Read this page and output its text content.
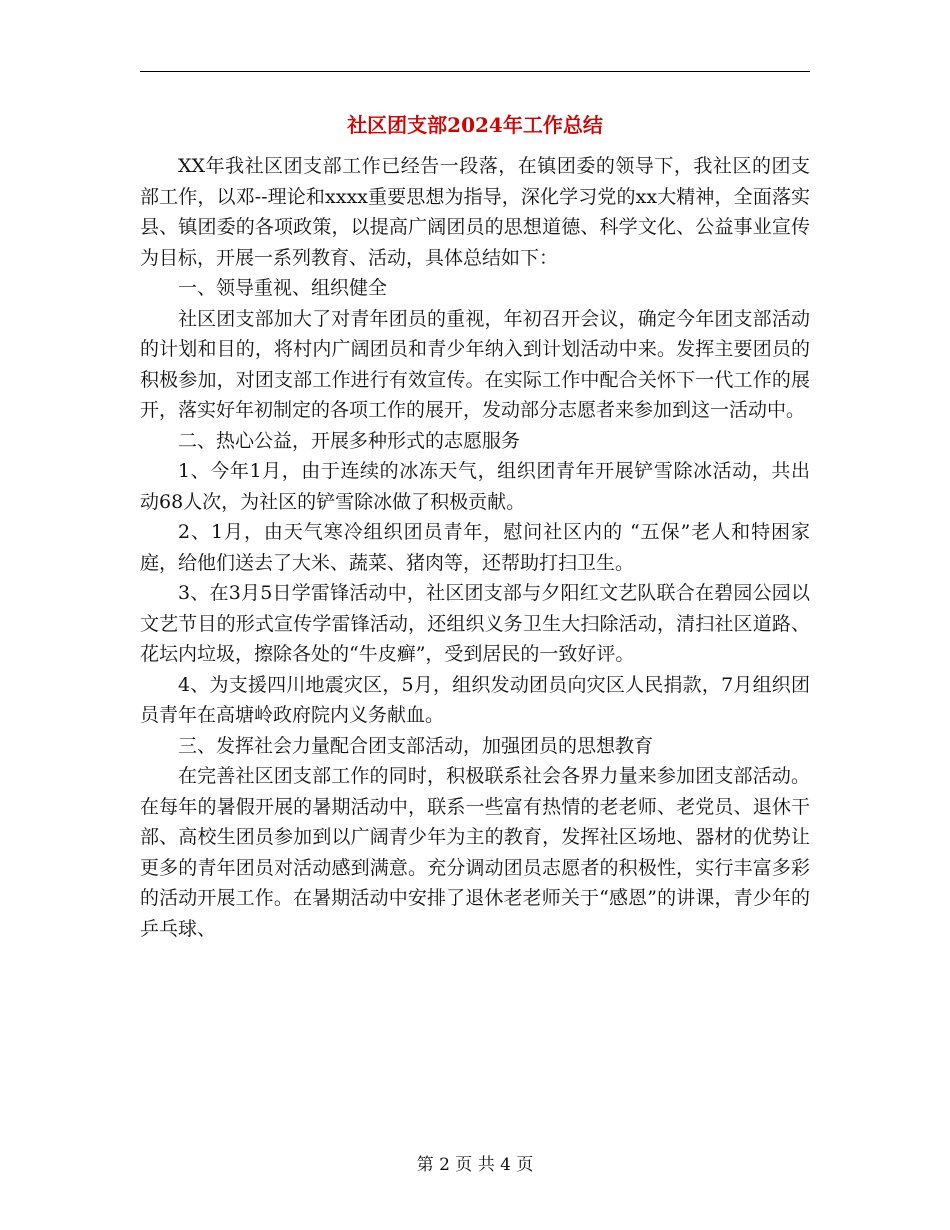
社区团支部2024年工作总结

XX年我社区团支部工作已经告一段落，在镇团委的领导下，我社区的团支部工作，以邓--理论和xxxx重要思想为指导，深化学习党的xx大精神，全面落实县、镇团委的各项政策，以提高广阔团员的思想道德、科学文化、公益事业宣传为目标，开展一系列教育、活动，具体总结如下：

一、领导重视、组织健全

社区团支部加大了对青年团员的重视，年初召开会议，确定今年团支部活动的计划和目的，将村内广阔团员和青少年纳入到计划活动中来。发挥主要团员的积极参加，对团支部工作进行有效宣传。在实际工作中配合关怀下一代工作的展开，落实好年初制定的各项工作的展开，发动部分志愿者来参加到这一活动中。

二、热心公益，开展多种形式的志愿服务

1、今年1月，由于连续的冰冻天气，组织团青年开展铲雪除冰活动，共出动68人次，为社区的铲雪除冰做了积极贡献。

2、1月，由天气寒冷组织团员青年，慰问社区内的 “五保”老人和特困家庭，给他们送去了大米、蔬菜、猪肉等，还帮助打扫卫生。

3、在3月5日学雷锋活动中，社区团支部与夕阳红文艺队联合在碧园公园以文艺节目的形式宣传学雷锋活动，还组织义务卫生大扫除活动，清扫社区道路、花坛内垃圾，擦除各处的“牛皮癣”，受到居民的一致好评。

4、为支援四川地震灾区，5月，组织发动团员向灾区人民捐款，7月组织团员青年在高塘岭政府院内义务献血。

三、发挥社会力量配合团支部活动，加强团员的思想教育

在完善社区团支部工作的同时，积极联系社会各界力量来参加团支部活动。在每年的暑假开展的暑期活动中，联系一些富有热情的老老师、老党员、退休干部、高校生团员参加到以广阔青少年为主的教育，发挥社区场地、器材的优势让更多的青年团员对活动感到满意。充分调动团员志愿者的积极性，实行丰富多彩的活动开展工作。在暑期活动中安排了退休老老师关于“感恩”的讲课，青少年的乒乓球、

第 2 页 共 4 页
